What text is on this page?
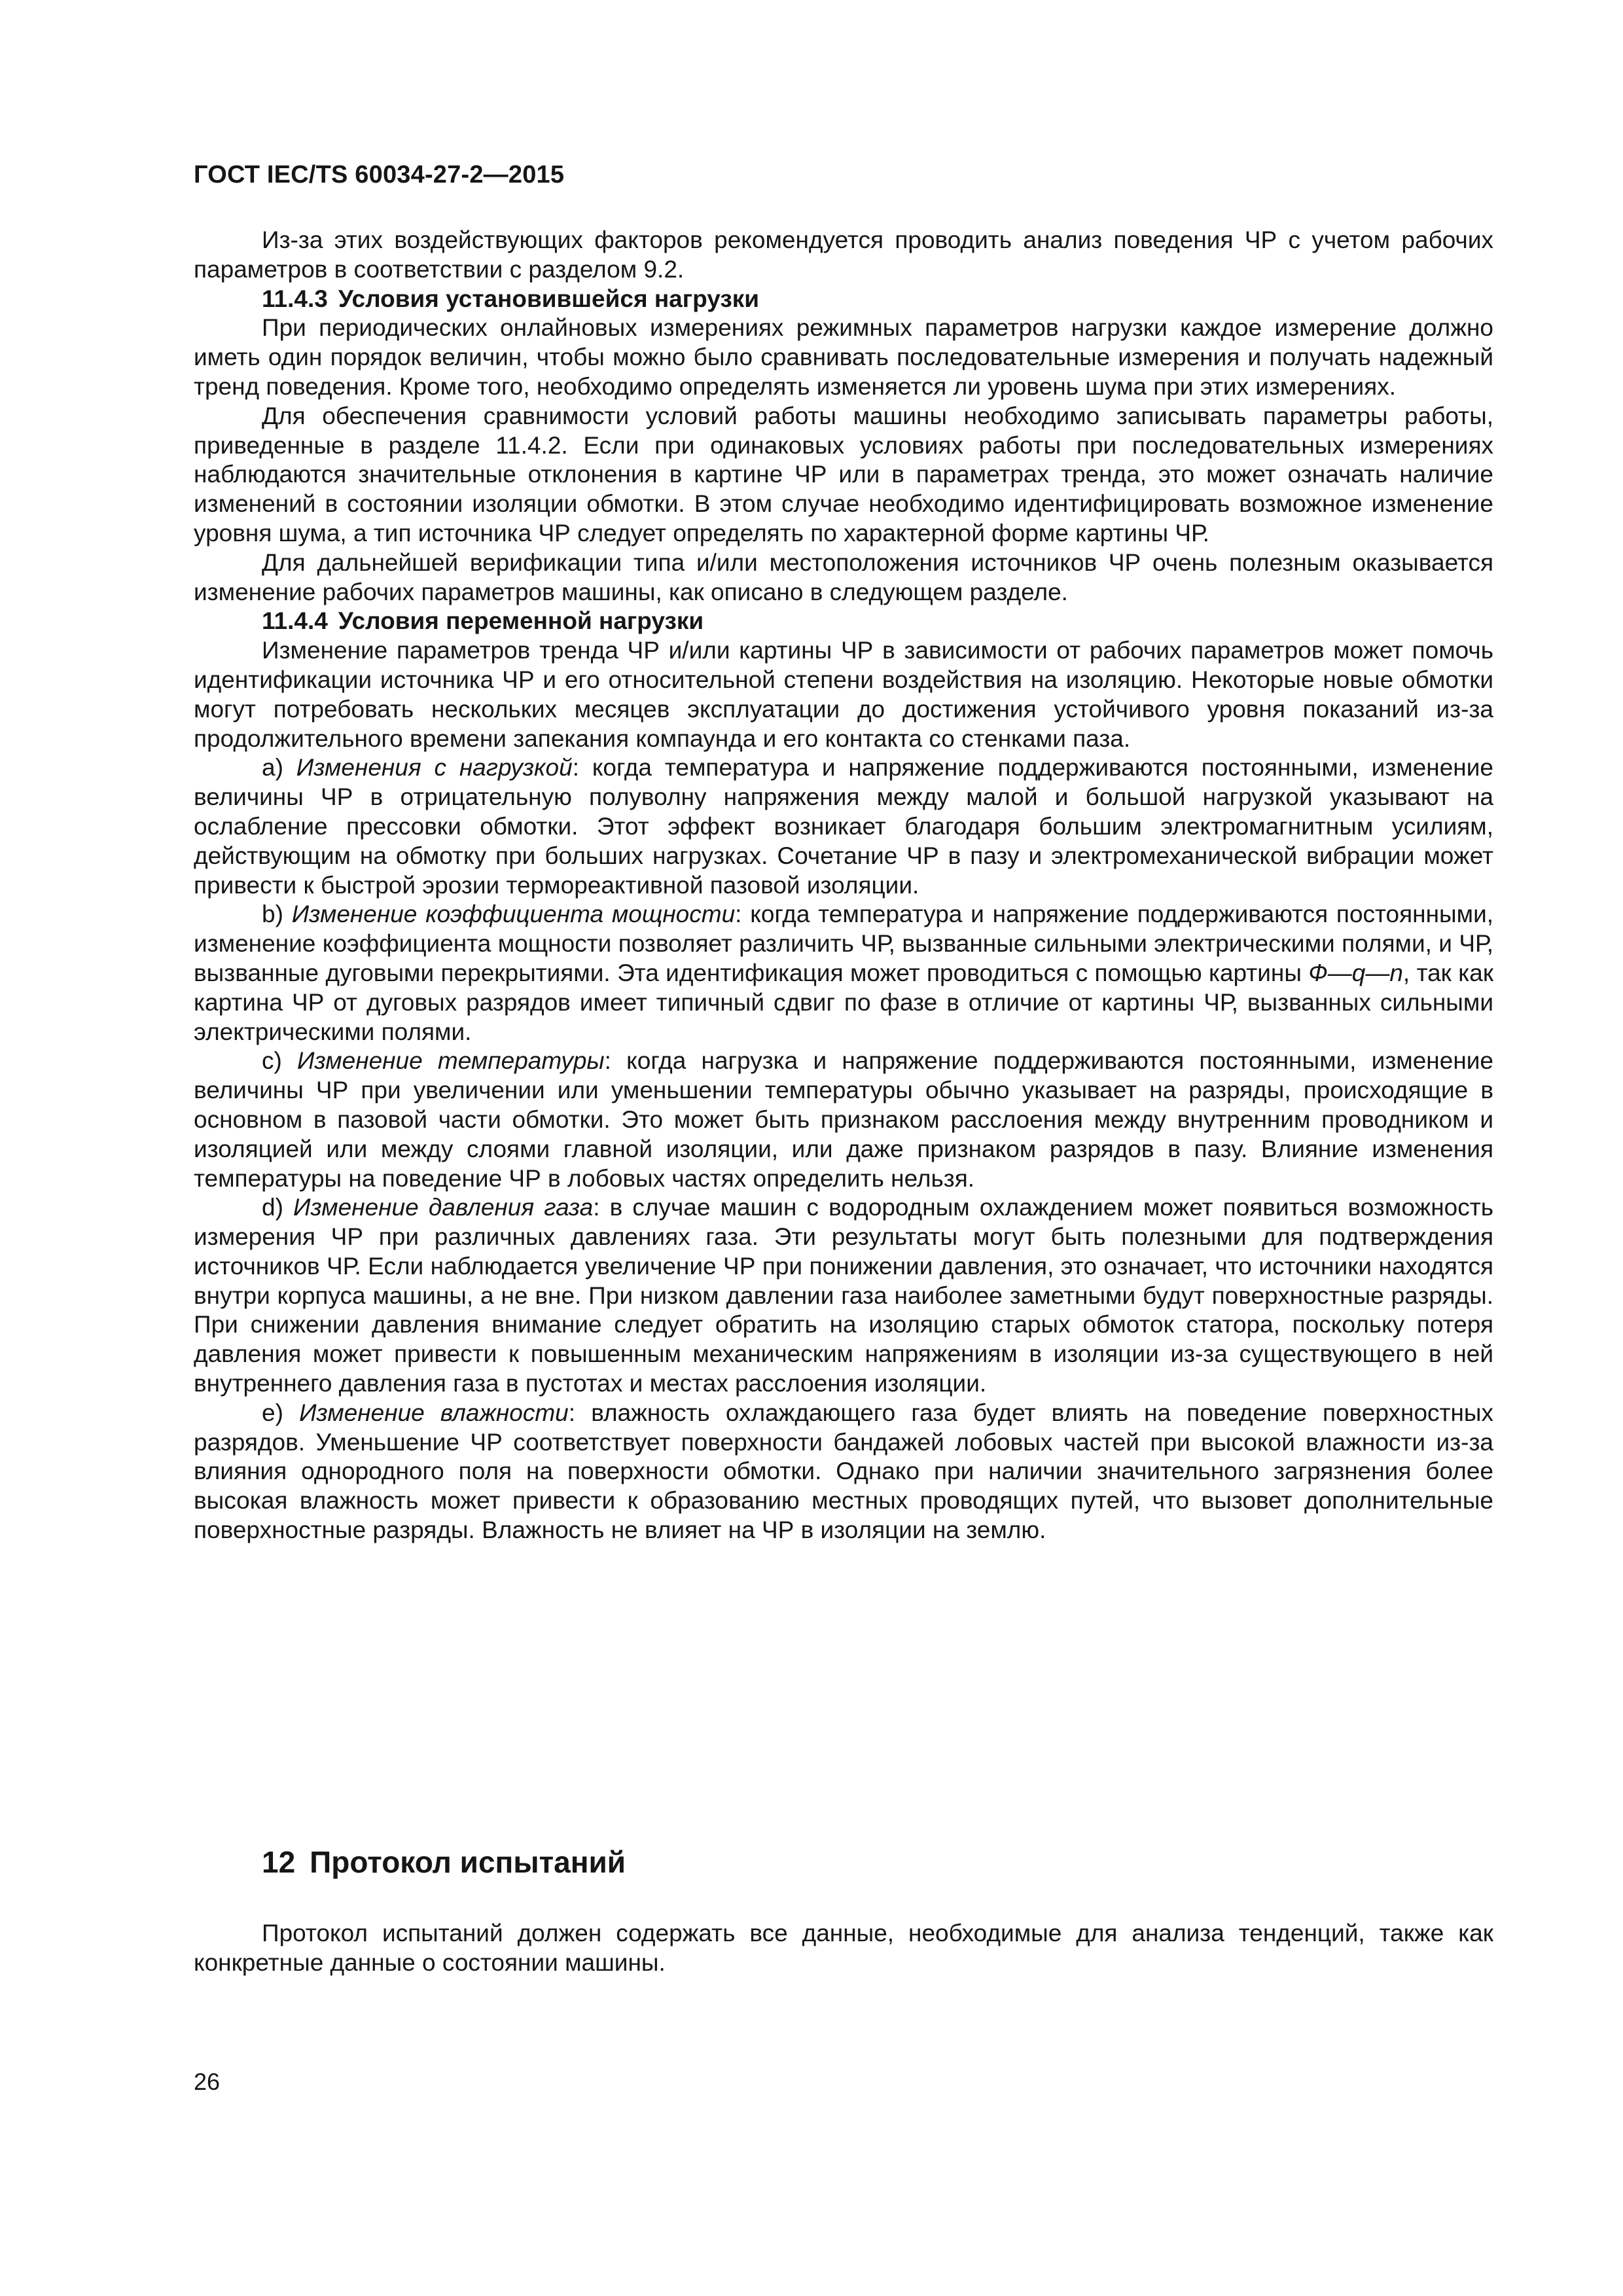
ГОСТ IEC/TS 60034-27-2—2015

Из-за этих воздействующих факторов рекомендуется проводить анализ поведения ЧР с учетом рабочих параметров в соответствии с разделом 9.2.

11.4.3 Условия установившейся нагрузки

При периодических онлайновых измерениях режимных параметров нагрузки каждое измерение должно иметь один порядок величин, чтобы можно было сравнивать последовательные измерения и получать надежный тренд поведения. Кроме того, необходимо определять изменяется ли уровень шума при этих измерениях.

Для обеспечения сравнимости условий работы машины необходимо записывать параметры работы, приведенные в разделе 11.4.2. Если при одинаковых условиях работы при последовательных измерениях наблюдаются значительные отклонения в картине ЧР или в параметрах тренда, это может означать наличие изменений в состоянии изоляции обмотки. В этом случае необходимо идентифицировать возможное изменение уровня шума, а тип источника ЧР следует определять по характерной форме картины ЧР.

Для дальнейшей верификации типа и/или местоположения источников ЧР очень полезным оказывается изменение рабочих параметров машины, как описано в следующем разделе.

11.4.4 Условия переменной нагрузки

Изменение параметров тренда ЧР и/или картины ЧР в зависимости от рабочих параметров может помочь идентификации источника ЧР и его относительной степени воздействия на изоляцию. Некоторые новые обмотки могут потребовать нескольких месяцев эксплуатации до достижения устойчивого уровня показаний из-за продолжительного времени запекания компаунда и его контакта со стенками паза.

a) Изменения с нагрузкой: когда температура и напряжение поддерживаются постоянными, изменение величины ЧР в отрицательную полуволну напряжения между малой и большой нагрузкой указывают на ослабление прессовки обмотки. Этот эффект возникает благодаря большим электромагнитным усилиям, действующим на обмотку при больших нагрузках. Сочетание ЧР в пазу и электромеханической вибрации может привести к быстрой эрозии термореактивной пазовой изоляции.

b) Изменение коэффициента мощности: когда температура и напряжение поддерживаются постоянными, изменение коэффициента мощности позволяет различить ЧР, вызванные сильными электрическими полями, и ЧР, вызванные дуговыми перекрытиями. Эта идентификация может проводиться с помощью картины Ф—q—n, так как картина ЧР от дуговых разрядов имеет типичный сдвиг по фазе в отличие от картины ЧР, вызванных сильными электрическими полями.

c) Изменение температуры: когда нагрузка и напряжение поддерживаются постоянными, изменение величины ЧР при увеличении или уменьшении температуры обычно указывает на разряды, происходящие в основном в пазовой части обмотки. Это может быть признаком расслоения между внутренним проводником и изоляцией или между слоями главной изоляции, или даже признаком разрядов в пазу. Влияние изменения температуры на поведение ЧР в лобовых частях определить нельзя.

d) Изменение давления газа: в случае машин с водородным охлаждением может появиться возможность измерения ЧР при различных давлениях газа. Эти результаты могут быть полезными для подтверждения источников ЧР. Если наблюдается увеличение ЧР при понижении давления, это означает, что источники находятся внутри корпуса машины, а не вне. При низком давлении газа наиболее заметными будут поверхностные разряды. При снижении давления внимание следует обратить на изоляцию старых обмоток статора, поскольку потеря давления может привести к повышенным механическим напряжениям в изоляции из-за существующего в ней внутреннего давления газа в пустотах и местах расслоения изоляции.

e) Изменение влажности: влажность охлаждающего газа будет влиять на поведение поверхностных разрядов. Уменьшение ЧР соответствует поверхности бандажей лобовых частей при высокой влажности из-за влияния однородного поля на поверхности обмотки. Однако при наличии значительного загрязнения более высокая влажность может привести к образованию местных проводящих путей, что вызовет дополнительные поверхностные разряды. Влажность не влияет на ЧР в изоляции на землю.

12 Протокол испытаний

Протокол испытаний должен содержать все данные, необходимые для анализа тенденций, также как конкретные данные о состоянии машины.

26
